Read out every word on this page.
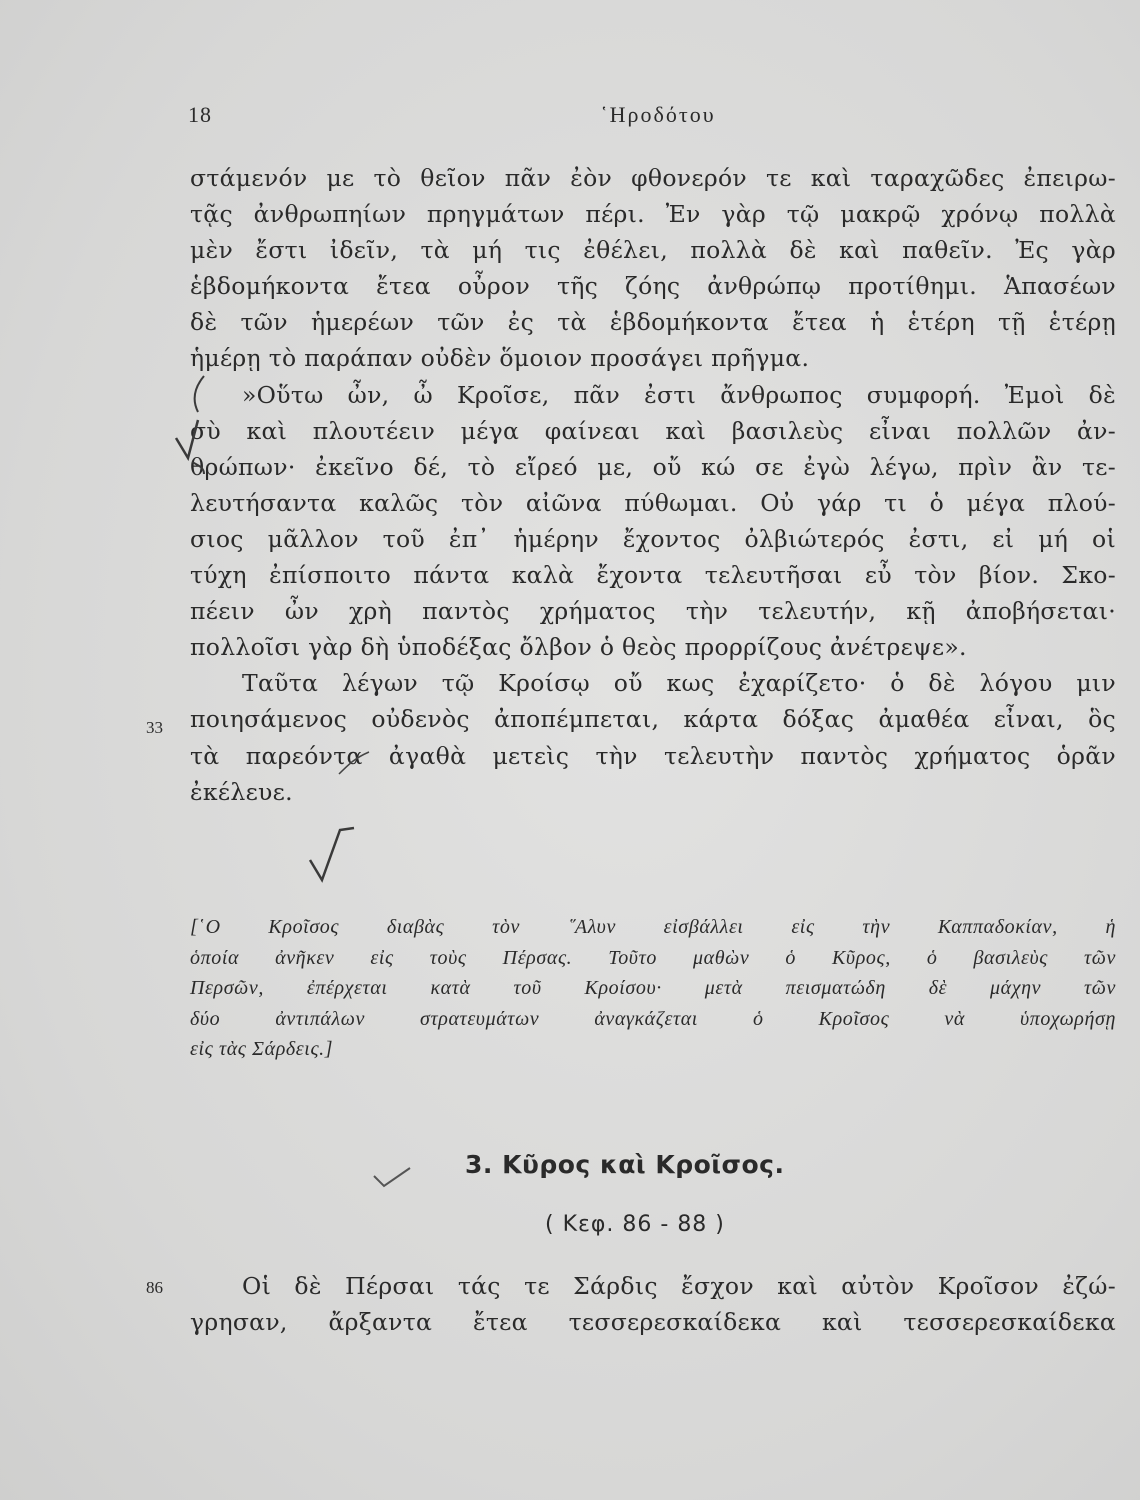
18	῾Ηροδότου
στάμενόν με τὸ θεῖον πᾶν ἐὸν φθονερόν τε καὶ ταραχῶδες ἐπειρω-
τᾷς ἀνθρωπηίων πρηγμάτων πέρι. Ἐν γὰρ τῷ μακρῷ χρόνῳ πολλὰ
μὲν ἔστι ἰδεῖν, τὰ μή τις ἐθέλει, πολλὰ δὲ καὶ παθεῖν. Ἐς γὰρ
ἑβδομήκοντα ἔτεα οὖρον τῆς ζόης ἀνθρώπῳ προτίθημι. Ἁπασέων
δὲ τῶν ἡμερέων τῶν ἐς τὰ ἑβδομήκοντα ἔτεα ἡ ἑτέρη τῇ ἑτέρῃ
ἡμέρῃ τὸ παράπαν οὐδὲν ὅμοιον προσάγει πρῆγμα.
»Οὕτω ὦν, ὦ Κροῖσε, πᾶν ἐστι ἄνθρωπος συμφορή. Ἐμοὶ δὲ
σὺ καὶ πλουτέειν μέγα φαίνεαι καὶ βασιλεὺς εἶναι πολλῶν ἀν-
θρώπων· ἐκεῖνο δέ, τὸ εἴρεό με, οὔ κώ σε ἐγὼ λέγω, πρὶν ἂν τε-
λευτήσαντα καλῶς τὸν αἰῶνα πύθωμαι. Οὐ γάρ τι ὁ μέγα πλού-
σιος μᾶλλον τοῦ ἐπ᾿ ἡμέρην ἔχοντος ὀλβιώτερός ἐστι, εἰ μή οἱ
τύχη ἐπίσποιτο πάντα καλὰ ἔχοντα τελευτῆσαι εὖ τὸν βίον. Σκο-
πέειν ὦν χρὴ παντὸς χρήματος τὴν τελευτήν, κῇ ἀποβήσεται·
πολλοῖσι γὰρ δὴ ὑποδέξας ὄλβον ὁ θεὸς προρρίζους ἀνέτρεψε».
Ταῦτα λέγων τῷ Κροίσῳ οὔ κως ἐχαρίζετο· ὁ δὲ λόγου μιν
ποιησάμενος οὐδενὸς ἀποπέμπεται, κάρτα δόξας ἀμαθέα εἶναι, ὃς
τὰ παρεόντα ἀγαθὰ μετεὶς τὴν τελευτὴν παντὸς χρήματος ὁρᾶν
ἐκέλευε.
33
[῾Ο Κροῖσος διαβὰς τὸν ῞Αλυν εἰσβάλλει εἰς τὴν Καππαδοκίαν, ἡ
ὁποία ἀνῆκεν εἰς τοὺς Πέρσας. Τοῦτο μαθὼν ὁ Κῦρος, ὁ βασιλεὺς τῶν
Περσῶν, ἐπέρχεται κατὰ τοῦ Κροίσου· μετὰ πεισματώδη δὲ μάχην τῶν
δύο ἀντιπάλων στρατευμάτων ἀναγκάζεται ὁ Κροῖσος νὰ ὑποχωρήσῃ
εἰς τὰς Σάρδεις.]
3. Κῦρος καὶ Κροῖσος.
( Κεφ. 86 - 88 )
86	Οἱ δὲ Πέρσαι τάς τε Σάρδις ἔσχον καὶ αὐτὸν Κροῖσον ἐζώ-
γρησαν, ἄρξαντα ἔτεα τεσσερεσκαίδεκα καὶ τεσσερεσκαίδεκα
